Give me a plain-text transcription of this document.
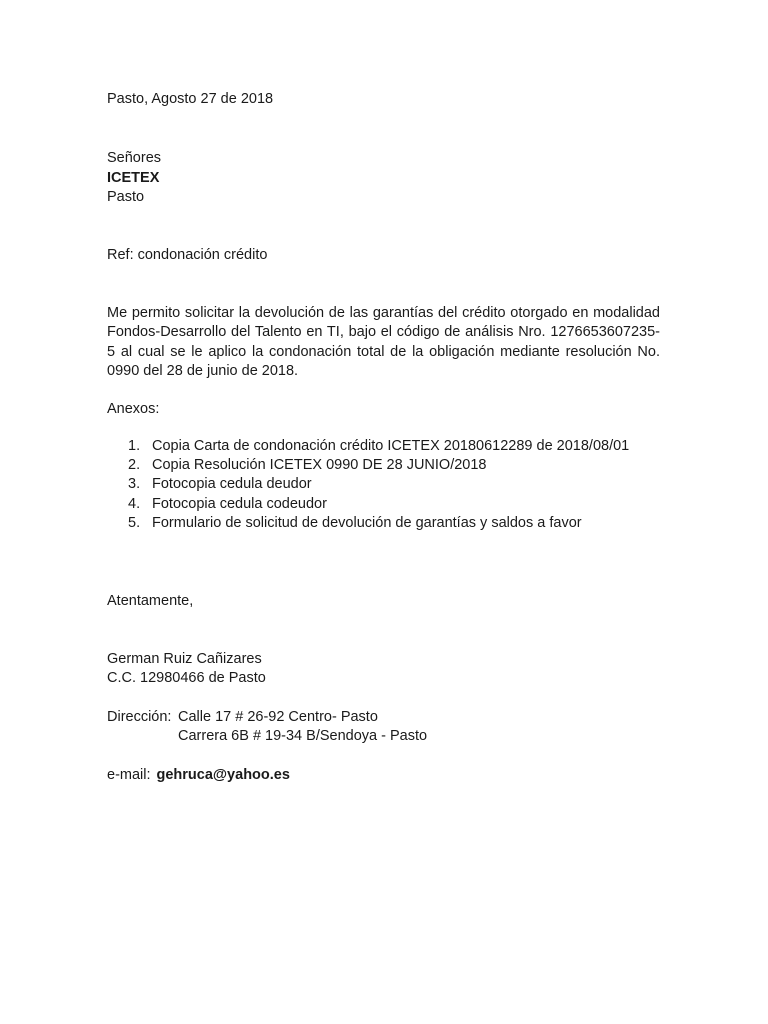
Pasto, Agosto 27 de 2018
Señores
ICETEX
Pasto
Ref: condonación crédito
Me permito solicitar la devolución de las garantías del crédito otorgado en modalidad Fondos-Desarrollo del Talento en TI, bajo el código de análisis Nro. 1276653607235-5 al cual se le aplico la condonación total de la obligación mediante resolución No. 0990 del 28 de junio de 2018.
Anexos:
1. Copia Carta de condonación crédito ICETEX 20180612289 de 2018/08/01
2. Copia Resolución ICETEX 0990 DE 28 JUNIO/2018
3. Fotocopia cedula deudor
4. Fotocopia cedula codeudor
5. Formulario de solicitud de devolución de garantías y saldos a favor
Atentamente,
German Ruiz Cañizares
C.C. 12980466 de Pasto
Dirección: Calle 17 # 26-92 Centro- Pasto
Carrera 6B # 19-34 B/Sendoya - Pasto
e-mail: gehruca@yahoo.es
